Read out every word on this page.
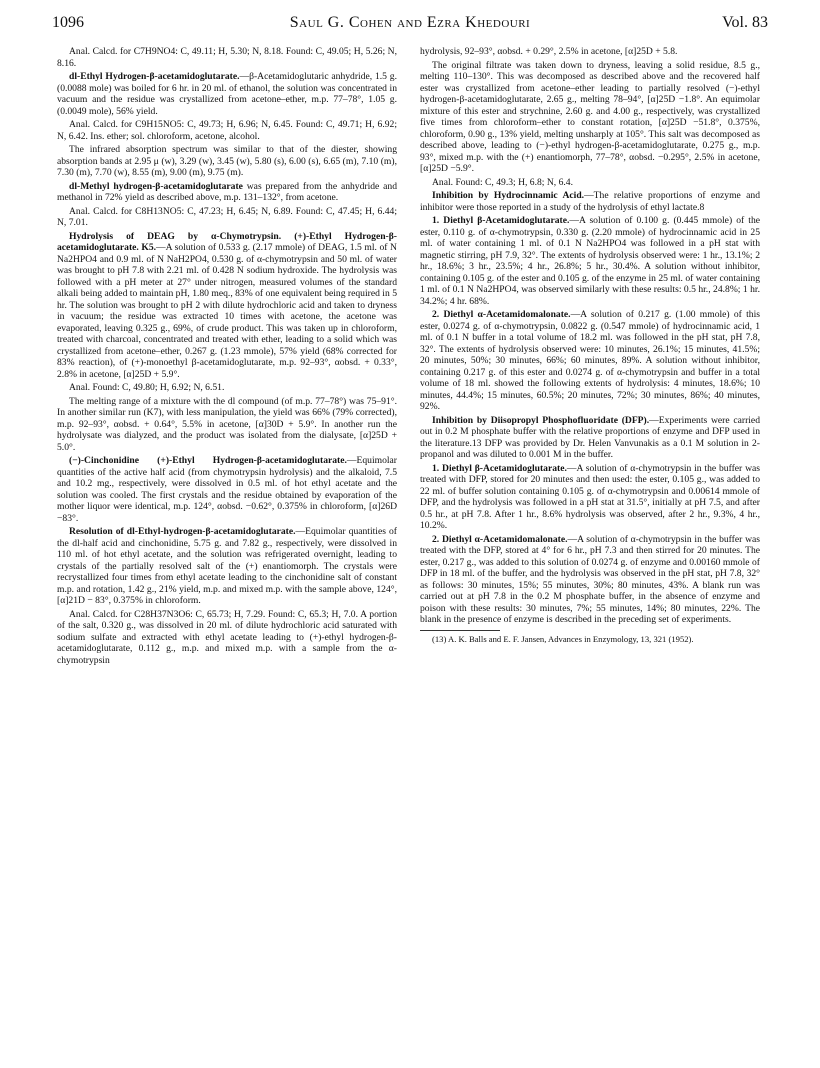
1096	Saul G. Cohen and Ezra Khedouri	Vol. 83

Anal. Calcd. for C7H9NO4: C, 49.11; H, 5.30; N, 8.18. Found: C, 49.05; H, 5.26; N, 8.16.

dl-Ethyl Hydrogen-β-acetamidoglutarate.—β-Acetamidoglutaric anhydride, 1.5 g. (0.0088 mole) was boiled for 6 hr. in 20 ml. of ethanol, the solution was concentrated in vacuum and the residue was crystallized from acetone–ether, m.p. 77–78°, 1.05 g. (0.0049 mole), 56% yield.

Anal. Calcd. for C9H15NO5: C, 49.73; H, 6.96; N, 6.45. Found: C, 49.71; H, 6.92; N, 6.42. Ins. ether; sol. chloroform, acetone, alcohol.

The infrared absorption spectrum was similar to that of the diester, showing absorption bands at 2.95 μ (w), 3.29 (w), 3.45 (w), 5.80 (s), 6.00 (s), 6.65 (m), 7.10 (m), 7.30 (m), 7.70 (w), 8.55 (m), 9.00 (m), 9.75 (m).

dl-Methyl hydrogen-β-acetamidoglutarate was prepared from the anhydride and methanol in 72% yield as described above, m.p. 131–132°, from acetone.

Anal. Calcd. for C8H13NO5: C, 47.23; H, 6.45; N, 6.89. Found: C, 47.45; H, 6.44; N, 7.01.

Hydrolysis of DEAG by α-Chymotrypsin. (+)-Ethyl Hydrogen-β-acetamidoglutarate. K5.—A solution of 0.533 g. (2.17 mmole) of DEAG, 1.5 ml. of N Na2HPO4 and 0.9 ml. of N NaH2PO4, 0.530 g. of α-chymotrypsin and 50 ml. of water was brought to pH 7.8 with 2.21 ml. of 0.428 N sodium hydroxide. The hydrolysis was followed with a pH meter at 27° under nitrogen, measured volumes of the standard alkali being added to maintain pH, 1.80 meq., 83% of one equivalent being required in 5 hr. The solution was brought to pH 2 with dilute hydrochloric acid and taken to dryness in vacuum; the residue was extracted 10 times with acetone, the acetone was evaporated, leaving 0.325 g., 69%, of crude product. This was taken up in chloroform, treated with charcoal, concentrated and treated with ether, leading to a solid which was crystallized from acetone–ether, 0.267 g. (1.23 mmole), 57% yield (68% corrected for 83% reaction), of (+)-monoethyl β-acetamidoglutarate, m.p. 92–93°, αobsd. + 0.33°, 2.8% in acetone, [α]25D + 5.9°.

Anal. Found: C, 49.80; H, 6.92; N, 6.51.

The melting range of a mixture with the dl compound (of m.p. 77–78°) was 75–91°. In another similar run (K7), with less manipulation, the yield was 66% (79% corrected), m.p. 92–93°, αobsd. + 0.64°, 5.5% in acetone, [α]30D + 5.9°. In another run the hydrolysate was dialyzed, and the product was isolated from the dialysate, [α]25D + 5.0°.

(−)-Cinchonidine (+)-Ethyl Hydrogen-β-acetamidoglutarate.—Equimolar quantities of the active half acid (from chymotrypsin hydrolysis) and the alkaloid, 7.5 and 10.2 mg., respectively, were dissolved in 0.5 ml. of hot ethyl acetate and the solution was cooled. The first crystals and the residue obtained by evaporation of the mother liquor were identical, m.p. 124°, αobsd. −0.62°, 0.375% in chloroform, [α]26D −83°.

Resolution of dl-Ethyl-hydrogen-β-acetamidoglutarate.—Equimolar quantities of the dl-half acid and cinchonidine, 5.75 g. and 7.82 g., respectively, were dissolved in 110 ml. of hot ethyl acetate, and the solution was refrigerated overnight, leading to crystals of the partially resolved salt of the (+) enantiomorph. The crystals were recrystallized four times from ethyl acetate leading to the cinchonidine salt of constant m.p. and rotation, 1.42 g., 21% yield, m.p. and mixed m.p. with the sample above, 124°, [α]21D − 83°, 0.375% in chloroform.

Anal. Calcd. for C28H37N3O6: C, 65.73; H, 7.29. Found: C, 65.3; H, 7.0. A portion of the salt, 0.320 g., was dissolved in 20 ml. of dilute hydrochloric acid saturated with sodium sulfate and extracted with ethyl acetate leading to (+)-ethyl hydrogen-β-acetamidoglutarate, 0.112 g., m.p. and mixed m.p. with a sample from the α-chymotrypsin

hydrolysis, 92–93°, αobsd. + 0.29°, 2.5% in acetone, [α]25D + 5.8.

The original filtrate was taken down to dryness, leaving a solid residue, 8.5 g., melting 110–130°. This was decomposed as described above and the recovered half ester was crystallized from acetone–ether leading to partially resolved (−)-ethyl hydrogen-β-acetamidoglutarate, 2.65 g., melting 78–94°, [α]25D −1.8°. An equimolar mixture of this ester and strychnine, 2.60 g. and 4.00 g., respectively, was crystallized five times from chloroform–ether to constant rotation, [α]25D −51.8°, 0.375%, chloroform, 0.90 g., 13% yield, melting unsharply at 105°. This salt was decomposed as described above, leading to (−)-ethyl hydrogen-β-acetamidoglutarate, 0.275 g., m.p. 93°, mixed m.p. with the (+) enantiomorph, 77–78°, αobsd. −0.295°, 2.5% in acetone, [α]25D −5.9°.

Anal. Found: C, 49.3; H, 6.8; N, 6.4.

Inhibition by Hydrocinnamic Acid.—The relative proportions of enzyme and inhibitor were those reported in a study of the hydrolysis of ethyl lactate.8

1. Diethyl β-Acetamidoglutarate.—A solution of 0.100 g. (0.445 mmole) of the ester, 0.110 g. of α-chymotrypsin, 0.330 g. (2.20 mmole) of hydrocinnamic acid in 25 ml. of water containing 1 ml. of 0.1 N Na2HPO4 was followed in a pH stat with magnetic stirring, pH 7.9, 32°. The extents of hydrolysis observed were: 1 hr., 13.1%; 2 hr., 18.6%; 3 hr., 23.5%; 4 hr., 26.8%; 5 hr., 30.4%. A solution without inhibitor, containing 0.105 g. of the ester and 0.105 g. of the enzyme in 25 ml. of water containing 1 ml. of 0.1 N Na2HPO4, was observed similarly with these results: 0.5 hr., 24.8%; 1 hr. 34.2%; 4 hr. 68%.

2. Diethyl α-Acetamidomalonate.—A solution of 0.217 g. (1.00 mmole) of this ester, 0.0274 g. of α-chymotrypsin, 0.0822 g. (0.547 mmole) of hydrocinnamic acid, 1 ml. of 0.1 N buffer in a total volume of 18.2 ml. was followed in the pH stat, pH 7.8, 32°. The extents of hydrolysis observed were: 10 minutes, 26.1%; 15 minutes, 41.5%; 20 minutes, 50%; 30 minutes, 66%; 60 minutes, 89%. A solution without inhibitor, containing 0.217 g. of this ester and 0.0274 g. of α-chymotrypsin and buffer in a total volume of 18 ml. showed the following extents of hydrolysis: 4 minutes, 18.6%; 10 minutes, 44.4%; 15 minutes, 60.5%; 20 minutes, 72%; 30 minutes, 86%; 40 minutes, 92%.

Inhibition by Diisopropyl Phosphofluoridate (DFP).—Experiments were carried out in 0.2 M phosphate buffer with the relative proportions of enzyme and DFP used in the literature.13 DFP was provided by Dr. Helen Vanvunakis as a 0.1 M solution in 2-propanol and was diluted to 0.001 M in the buffer.

1. Diethyl β-Acetamidoglutarate.—A solution of α-chymotrypsin in the buffer was treated with DFP, stored for 20 minutes and then used: the ester, 0.105 g., was added to 22 ml. of buffer solution containing 0.105 g. of α-chymotrypsin and 0.00614 mmole of DFP, and the hydrolysis was followed in a pH stat at 31.5°, initially at pH 7.5, and after 0.5 hr., at pH 7.8. After 1 hr., 8.6% hydrolysis was observed, after 2 hr., 9.3%, 4 hr., 10.2%.

2. Diethyl α-Acetamidomalonate.—A solution of α-chymotrypsin in the buffer was treated with the DFP, stored at 4° for 6 hr., pH 7.3 and then stirred for 20 minutes. The ester, 0.217 g., was added to this solution of 0.0274 g. of enzyme and 0.00160 mmole of DFP in 18 ml. of the buffer, and the hydrolysis was observed in the pH stat, pH 7.8, 32° as follows: 30 minutes, 15%; 55 minutes, 30%; 80 minutes, 43%. A blank run was carried out at pH 7.8 in the 0.2 M phosphate buffer, in the absence of enzyme and poison with these results: 30 minutes, 7%; 55 minutes, 14%; 80 minutes, 22%. The blank in the presence of enzyme is described in the preceding set of experiments.

(13) A. K. Balls and E. F. Jansen, Advances in Enzymology, 13, 321 (1952).
